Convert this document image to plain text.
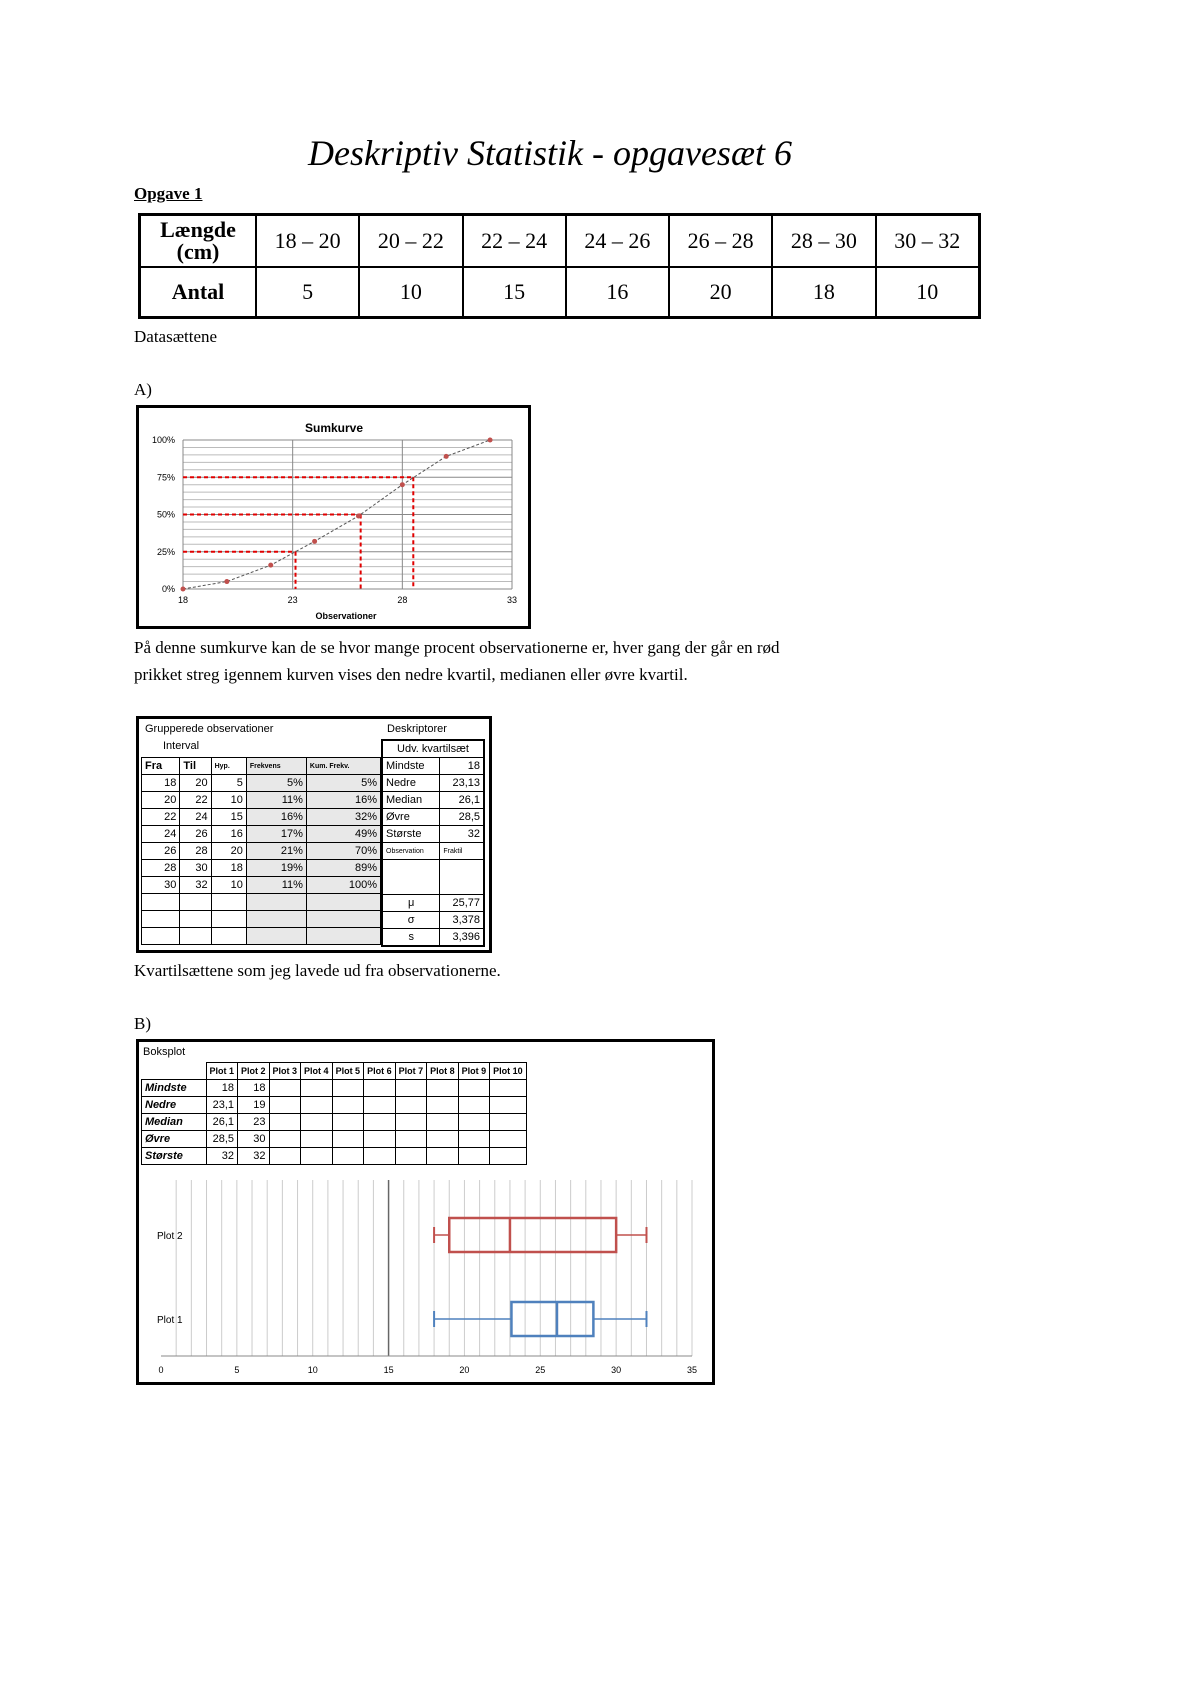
Deskriptiv Statistik - opgavesæt 6
Opgave 1
Længde
(cm)	18 – 20	20 – 22	22 – 24	24 – 26	26 – 28	28 – 30	30 – 32
Antal	5	10	15	16	20	18	10
Datasættene
A)
Sumkurve
Observationer
18	23	28	33
0%
25%
50%
75%
100%
På denne sumkurve kan de se hvor mange procent observationerne er, hver gang der går en rød
prikket streg igennem kurven vises den nedre kvartil, medianen eller øvre kvartil.
Grupperede observationer
Interval
Deskriptorer
Fra	Til	Hyp.	Frekvens	Kum. Frekv.
18	20	5	5%	5%
20	22	10	11%	16%
22	24	15	16%	32%
24	26	16	17%	49%
26	28	20	21%	70%
28	30	18	19%	89%
30	32	10	11%	100%

Udv. kvartilsæt	
Mindste	18
Nedre	23,13
Median	26,1
Øvre	28,5
Største	32
Observation	Fraktil

μ	25,77
σ	3,378
s	3,396
Kvartilsættene som jeg lavede ud fra observationerne.
B)
Boksplot
	Plot 1	Plot 2	Plot 3	Plot 4	Plot 5	Plot 6	Plot 7	Plot 8	Plot 9	Plot 10
Mindste	18	18								
Nedre	23,1	19								
Median	26,1	23								
Øvre	28,5	30								
Største	32	32								
0	5	10	15	20	25	30	35
Plot 2
Plot 1
